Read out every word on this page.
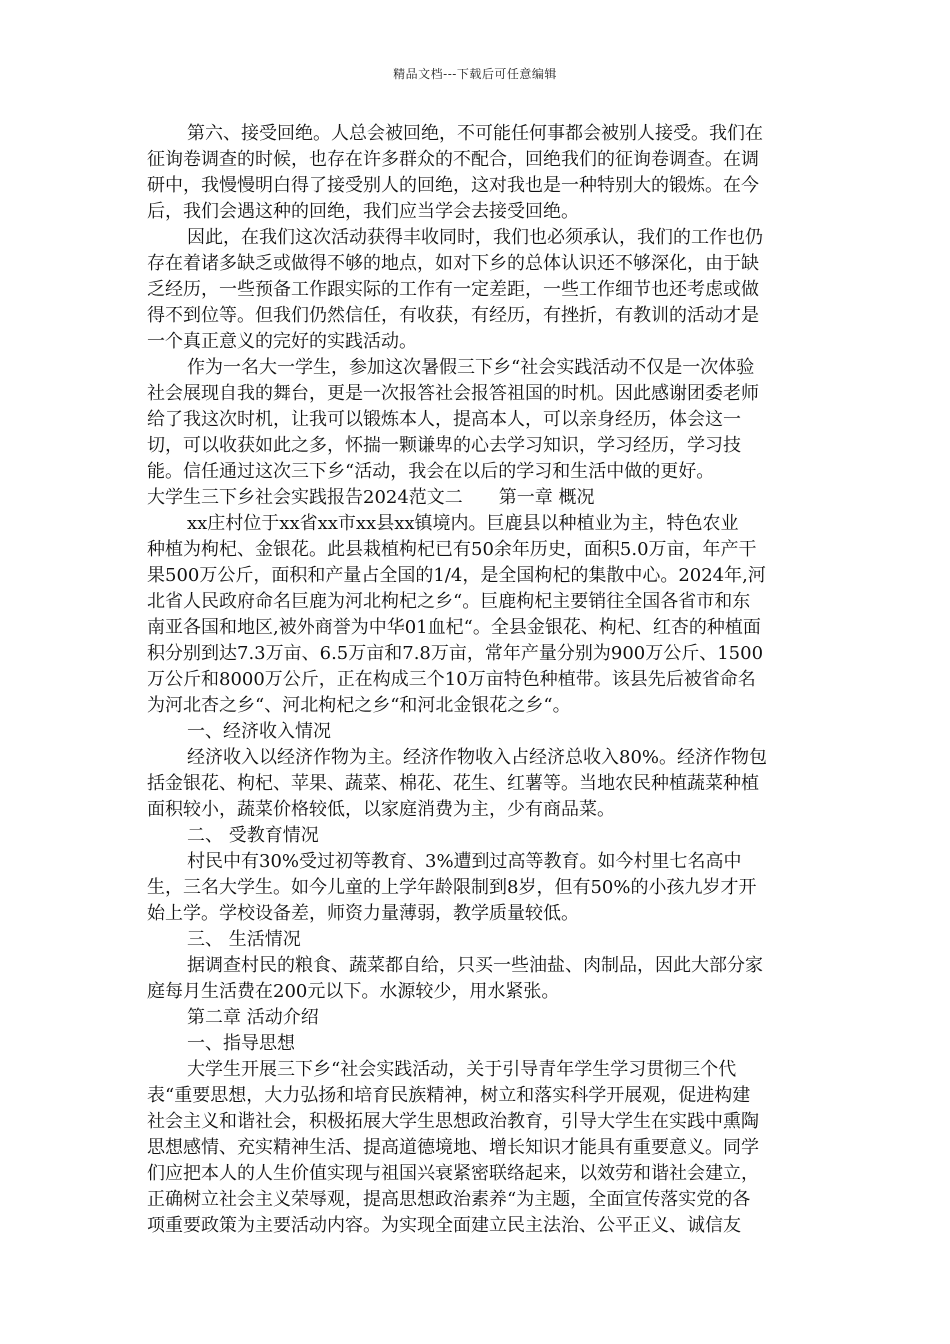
精品文档---下载后可任意编辑
第六、接受回绝。人总会被回绝，不可能任何事都会被别人接受。我们在
征询卷调查的时候，也存在许多群众的不配合，回绝我们的征询卷调查。在调
研中，我慢慢明白得了接受别人的回绝，这对我也是一种特别大的锻炼。在今
后，我们会遇这种的回绝，我们应当学会去接受回绝。
因此，在我们这次活动获得丰收同时，我们也必须承认，我们的工作也仍
存在着诸多缺乏或做得不够的地点，如对下乡的总体认识还不够深化，由于缺
乏经历，一些预备工作跟实际的工作有一定差距，一些工作细节也还考虑或做
得不到位等。但我们仍然信任，有收获，有经历，有挫折，有教训的活动才是
一个真正意义的完好的实践活动。
作为一名大一学生，参加这次暑假三下乡“社会实践活动不仅是一次体验
社会展现自我的舞台，更是一次报答社会报答祖国的时机。因此感谢团委老师
给了我这次时机，让我可以锻炼本人，提高本人，可以亲身经历，体会这一
切，可以收获如此之多，怀揣一颗谦卑的心去学习知识，学习经历，学习技
能。信任通过这次三下乡“活动，我会在以后的学习和生活中做的更好。
大学生三下乡社会实践报告2024范文二　　第一章 概况
xx庄村位于xx省xx市xx县xx镇境内。巨鹿县以种植业为主，特色农业
种植为枸杞、金银花。此县栽植枸杞已有50余年历史，面积5.0万亩，年产干
果500万公斤，面积和产量占全国的1/4，是全国枸杞的集散中心。2024年,河
北省人民政府命名巨鹿为河北枸杞之乡“。巨鹿枸杞主要销往全国各省市和东
南亚各国和地区,被外商誉为中华01血杞“。全县金银花、枸杞、红杏的种植面
积分别到达7.3万亩、6.5万亩和7.8万亩，常年产量分别为900万公斤、1500
万公斤和8000万公斤，正在构成三个10万亩特色种植带。该县先后被省命名
为河北杏之乡“、河北枸杞之乡“和河北金银花之乡“。
一、经济收入情况
经济收入以经济作物为主。经济作物收入占经济总收入80%。经济作物包
括金银花、枸杞、苹果、蔬菜、棉花、花生、红薯等。当地农民种植蔬菜种植
面积较小，蔬菜价格较低，以家庭消费为主，少有商品菜。
二、 受教育情况
村民中有30%受过初等教育、3%遭到过高等教育。如今村里七名高中
生，三名大学生。如今儿童的上学年龄限制到8岁，但有50%的小孩九岁才开
始上学。学校设备差，师资力量薄弱，教学质量较低。
三、 生活情况
据调查村民的粮食、蔬菜都自给，只买一些油盐、肉制品，因此大部分家
庭每月生活费在200元以下。水源较少，用水紧张。
第二章 活动介绍
一、指导思想
大学生开展三下乡“社会实践活动，关于引导青年学生学习贯彻三个代
表“重要思想，大力弘扬和培育民族精神，树立和落实科学开展观，促进构建
社会主义和谐社会，积极拓展大学生思想政治教育，引导大学生在实践中熏陶
思想感情、充实精神生活、提高道德境地、增长知识才能具有重要意义。同学
们应把本人的人生价值实现与祖国兴衰紧密联络起来，以效劳和谐社会建立，
正确树立社会主义荣辱观，提高思想政治素养“为主题，全面宣传落实党的各
项重要政策为主要活动内容。为实现全面建立民主法治、公平正义、诚信友
